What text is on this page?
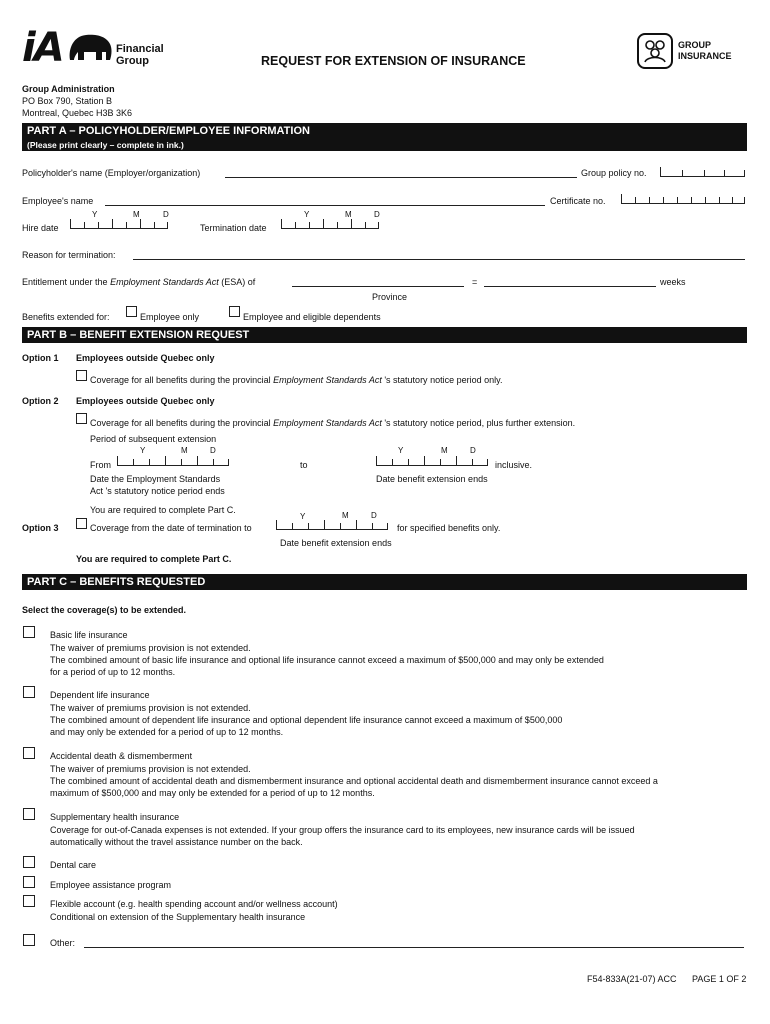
iA	Financial
Group	REQUEST FOR EXTENSION OF INSURANCE
GROUP
INSURANCE
Group Administration
PO Box 790, Station B
Montreal, Quebec H3B 3K6
PART A – POLICYHOLDER/EMPLOYEE INFORMATION
(Please print clearly – complete in ink.)
Policyholder's name (Employer/organization)	Group policy no.
Employee's name	Certificate no.
Y	M	D
Hire date	Termination date
Y	M	D
Reason for termination:
Entitlement under the Employment Standards Act (ESA) of	=	weeks
Province
Benefits extended for:	Employee only	Employee and eligible dependents
PART B – BENEFIT EXTENSION REQUEST
Option 1 Employees outside Quebec only
Coverage for all benefits during the provincial Employment Standards Act 's statutory notice period only.
Option 2 Employees outside Quebec only
Coverage for all benefits during the provincial Employment Standards Act 's statutory notice period, plus further extension.
Period of subsequent extension
Y	M	D
From	to
Y	M	D
inclusive.
Date the Employment Standards
Act 's statutory notice period ends
Date benefit extension ends
You are required to complete Part C.
Option 3	Coverage from the date of termination to
Y	M	D
for specified benefits only.
Date benefit extension ends
You are required to complete Part C.
PART C – BENEFITS REQUESTED
Select the coverage(s) to be extended.
Basic life insurance
The waiver of premiums provision is not extended.
The combined amount of basic life insurance and optional life insurance cannot exceed a maximum of $500,000 and may only be extended
for a period of up to 12 months.
Dependent life insurance
The waiver of premiums provision is not extended.
The combined amount of dependent life insurance and optional dependent life insurance cannot exceed a maximum of $500,000
and may only be extended for a period of up to 12 months.
Accidental death & dismemberment
The waiver of premiums provision is not extended.
The combined amount of accidental death and dismemberment insurance and optional accidental death and dismemberment insurance cannot exceed a
maximum of $500,000 and may only be extended for a period of up to 12 months.
Supplementary health insurance
Coverage for out-of-Canada expenses is not extended. If your group offers the insurance card to its employees, new insurance cards will be issued
automatically without the travel assistance number on the back.
Dental care
Employee assistance program
Flexible account (e.g. health spending account and/or wellness account)
Conditional on extension of the Supplementary health insurance
Other:
F54-833A(21-07) ACC PAGE 1 OF 2
